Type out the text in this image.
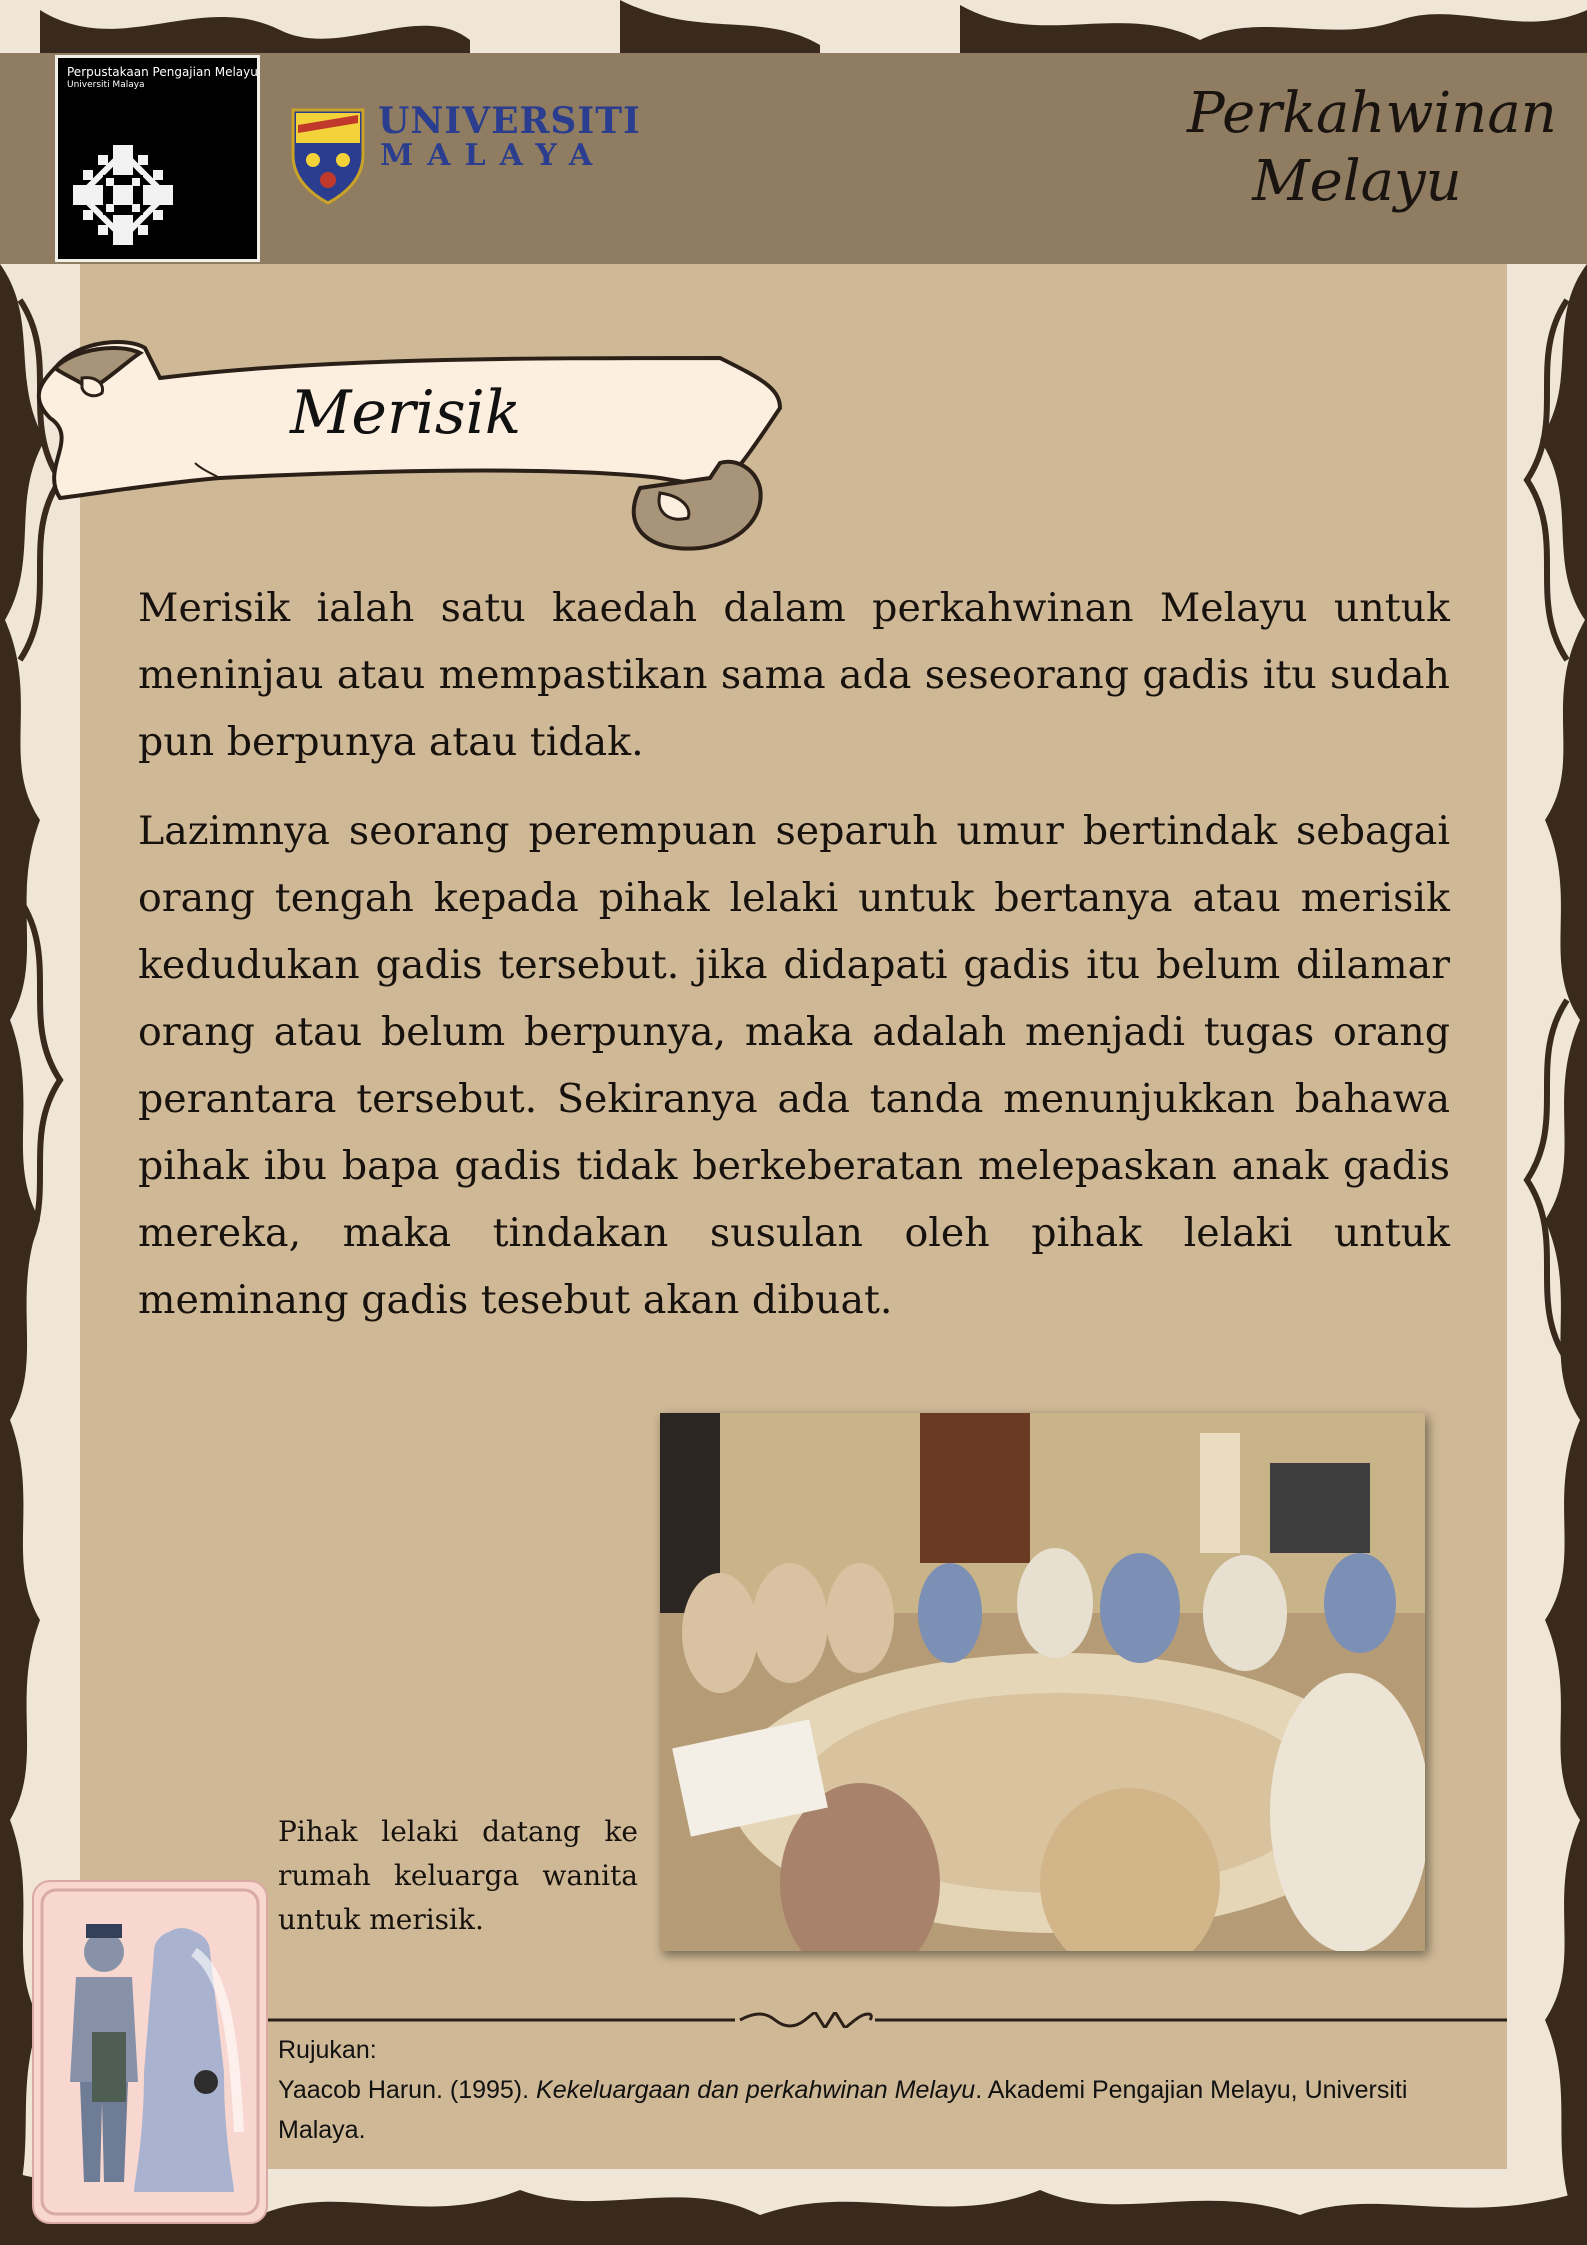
Perpustakaan Pengajian Melayu
Universiti Malaya
UNIVERSITI
MALAYA
Perkahwinan
Melayu
Merisik

Merisik ialah satu kaedah dalam perkahwinan Melayu untuk meninjau atau mempastikan sama ada seseorang gadis itu sudah pun berpunya atau tidak.

Lazimnya seorang perempuan separuh umur bertindak sebagai orang tengah kepada pihak lelaki untuk bertanya atau merisik kedudukan gadis tersebut. jika didapati gadis itu belum dilamar orang atau belum berpunya, maka adalah menjadi tugas orang perantara tersebut. Sekiranya ada tanda menunjukkan bahawa pihak ibu bapa gadis tidak berkeberatan melepaskan anak gadis mereka, maka tindakan susulan oleh pihak lelaki untuk meminang gadis tesebut akan dibuat.

Pihak lelaki datang ke rumah keluarga wanita untuk merisik.
Rujukan:
Yaacob Harun. (1995). Kekeluargaan dan perkahwinan Melayu. Akademi Pengajian Melayu, Universiti Malaya.
